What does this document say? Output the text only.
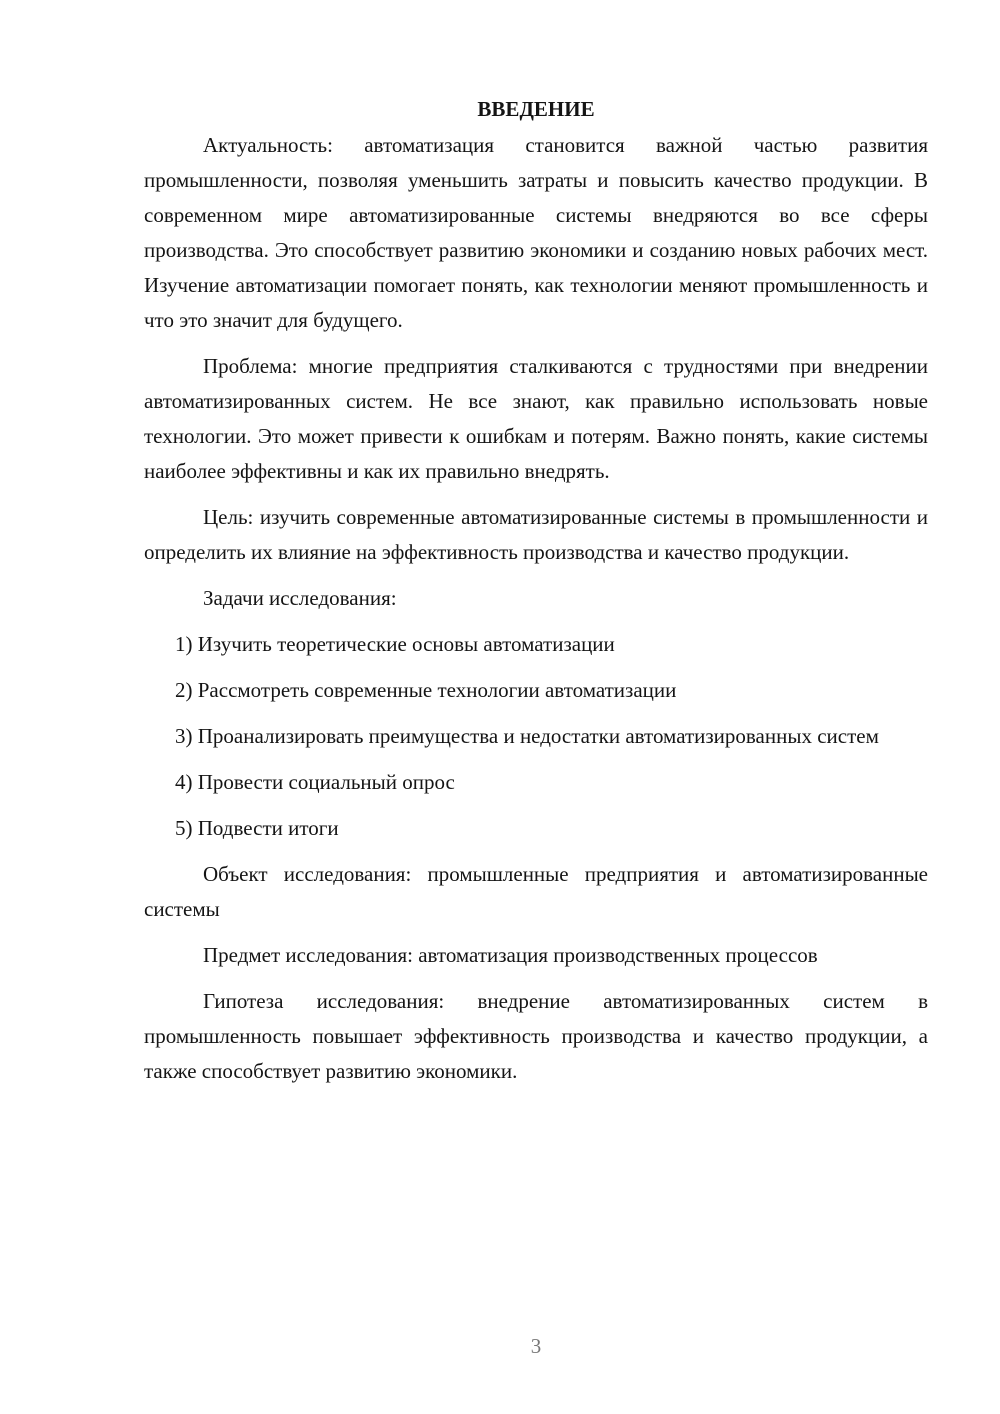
ВВЕДЕНИЕ

Актуальность: автоматизация становится важной частью развития промышленности, позволяя уменьшить затраты и повысить качество продукции. В современном мире автоматизированные системы внедряются во все сферы производства. Это способствует развитию экономики и созданию новых рабочих мест. Изучение автоматизации помогает понять, как технологии меняют промышленность и что это значит для будущего.

Проблема: многие предприятия сталкиваются с трудностями при внедрении автоматизированных систем. Не все знают, как правильно использовать новые технологии. Это может привести к ошибкам и потерям. Важно понять, какие системы наиболее эффективны и как их правильно внедрять.

Цель: изучить современные автоматизированные системы в промышленности и определить их влияние на эффективность производства и качество продукции.

Задачи исследования:

1) Изучить теоретические основы автоматизации

2) Рассмотреть современные технологии автоматизации

3) Проанализировать преимущества и недостатки автоматизированных систем

4) Провести социальный опрос

5) Подвести итоги

Объект исследования: промышленные предприятия и автоматизированные системы

Предмет исследования: автоматизация производственных процессов

Гипотеза исследования: внедрение автоматизированных систем в промышленность повышает эффективность производства и качество продукции, а также способствует развитию экономики.

3
